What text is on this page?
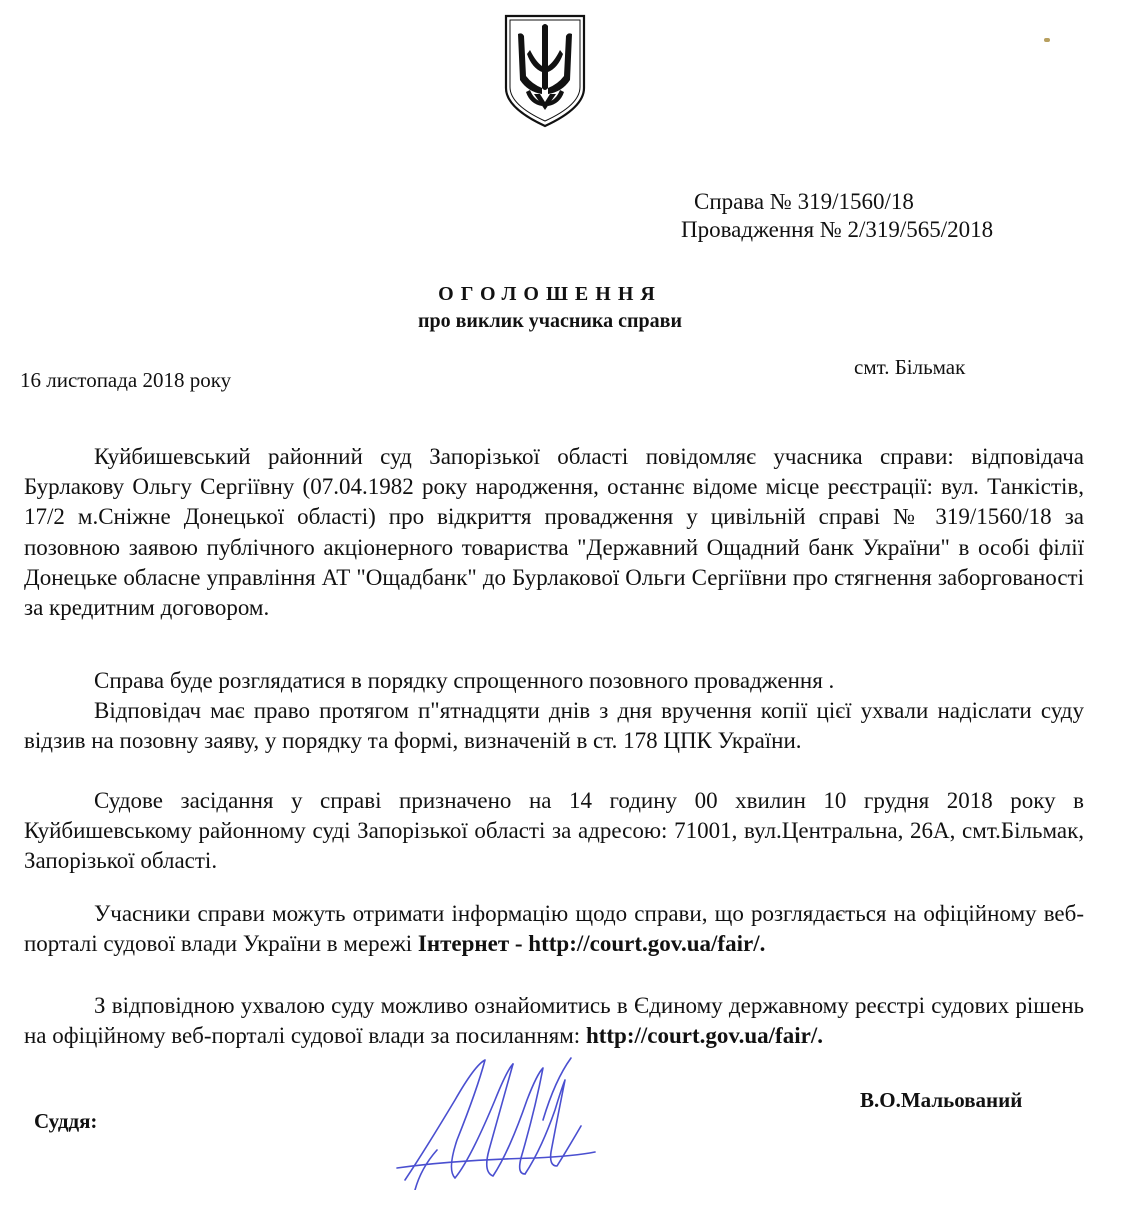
Справа № 319/1560/18
Провадження № 2/319/565/2018
ОГОЛОШЕННЯ
про виклик учасника справи
16 листопада 2018 року
смт. Більмак
Куйбишевський районний суд Запорізької області повідомляє учасника справи: відповідача Бурлакову Ольгу Сергіївну (07.04.1982 року народження, останнє відоме місце реєстрації: вул. Танкістів, 17/2 м.Сніжне Донецької області) про відкриття провадження у цивільній справі № 319/1560/18 за позовною заявою публічного акціонерного товариства "Державний Ощадний банк України" в особі філії Донецьке обласне управління АТ "Ощадбанк" до Бурлакової Ольги Сергіївни про стягнення заборгованості за кредитним договором.
Справа буде розглядатися в порядку спрощенного позовного провадження .
Відповідач має право протягом п"ятнадцяти днів з дня вручення копії цієї ухвали надіслати суду відзив на позовну заяву, у порядку та формі, визначеній в ст. 178 ЦПК України.
Судове засідання у справі призначено на 14 годину 00 хвилин 10 грудня 2018 року в Куйбишевському районному суді Запорізької області за адресою: 71001, вул.Центральна, 26А, смт.Більмак, Запорізької області.
Учасники справи можуть отримати інформацію щодо справи, що розглядається на офіційному веб-порталі судової влади України в мережі Інтернет - http://court.gov.ua/fair/.
З відповідною ухвалою суду можливо ознайомитись в Єдиному державному реєстрі судових рішень на офіційному веб-порталі судової влади за посиланням: http://court.gov.ua/fair/.
Суддя:
В.О.Мальований
